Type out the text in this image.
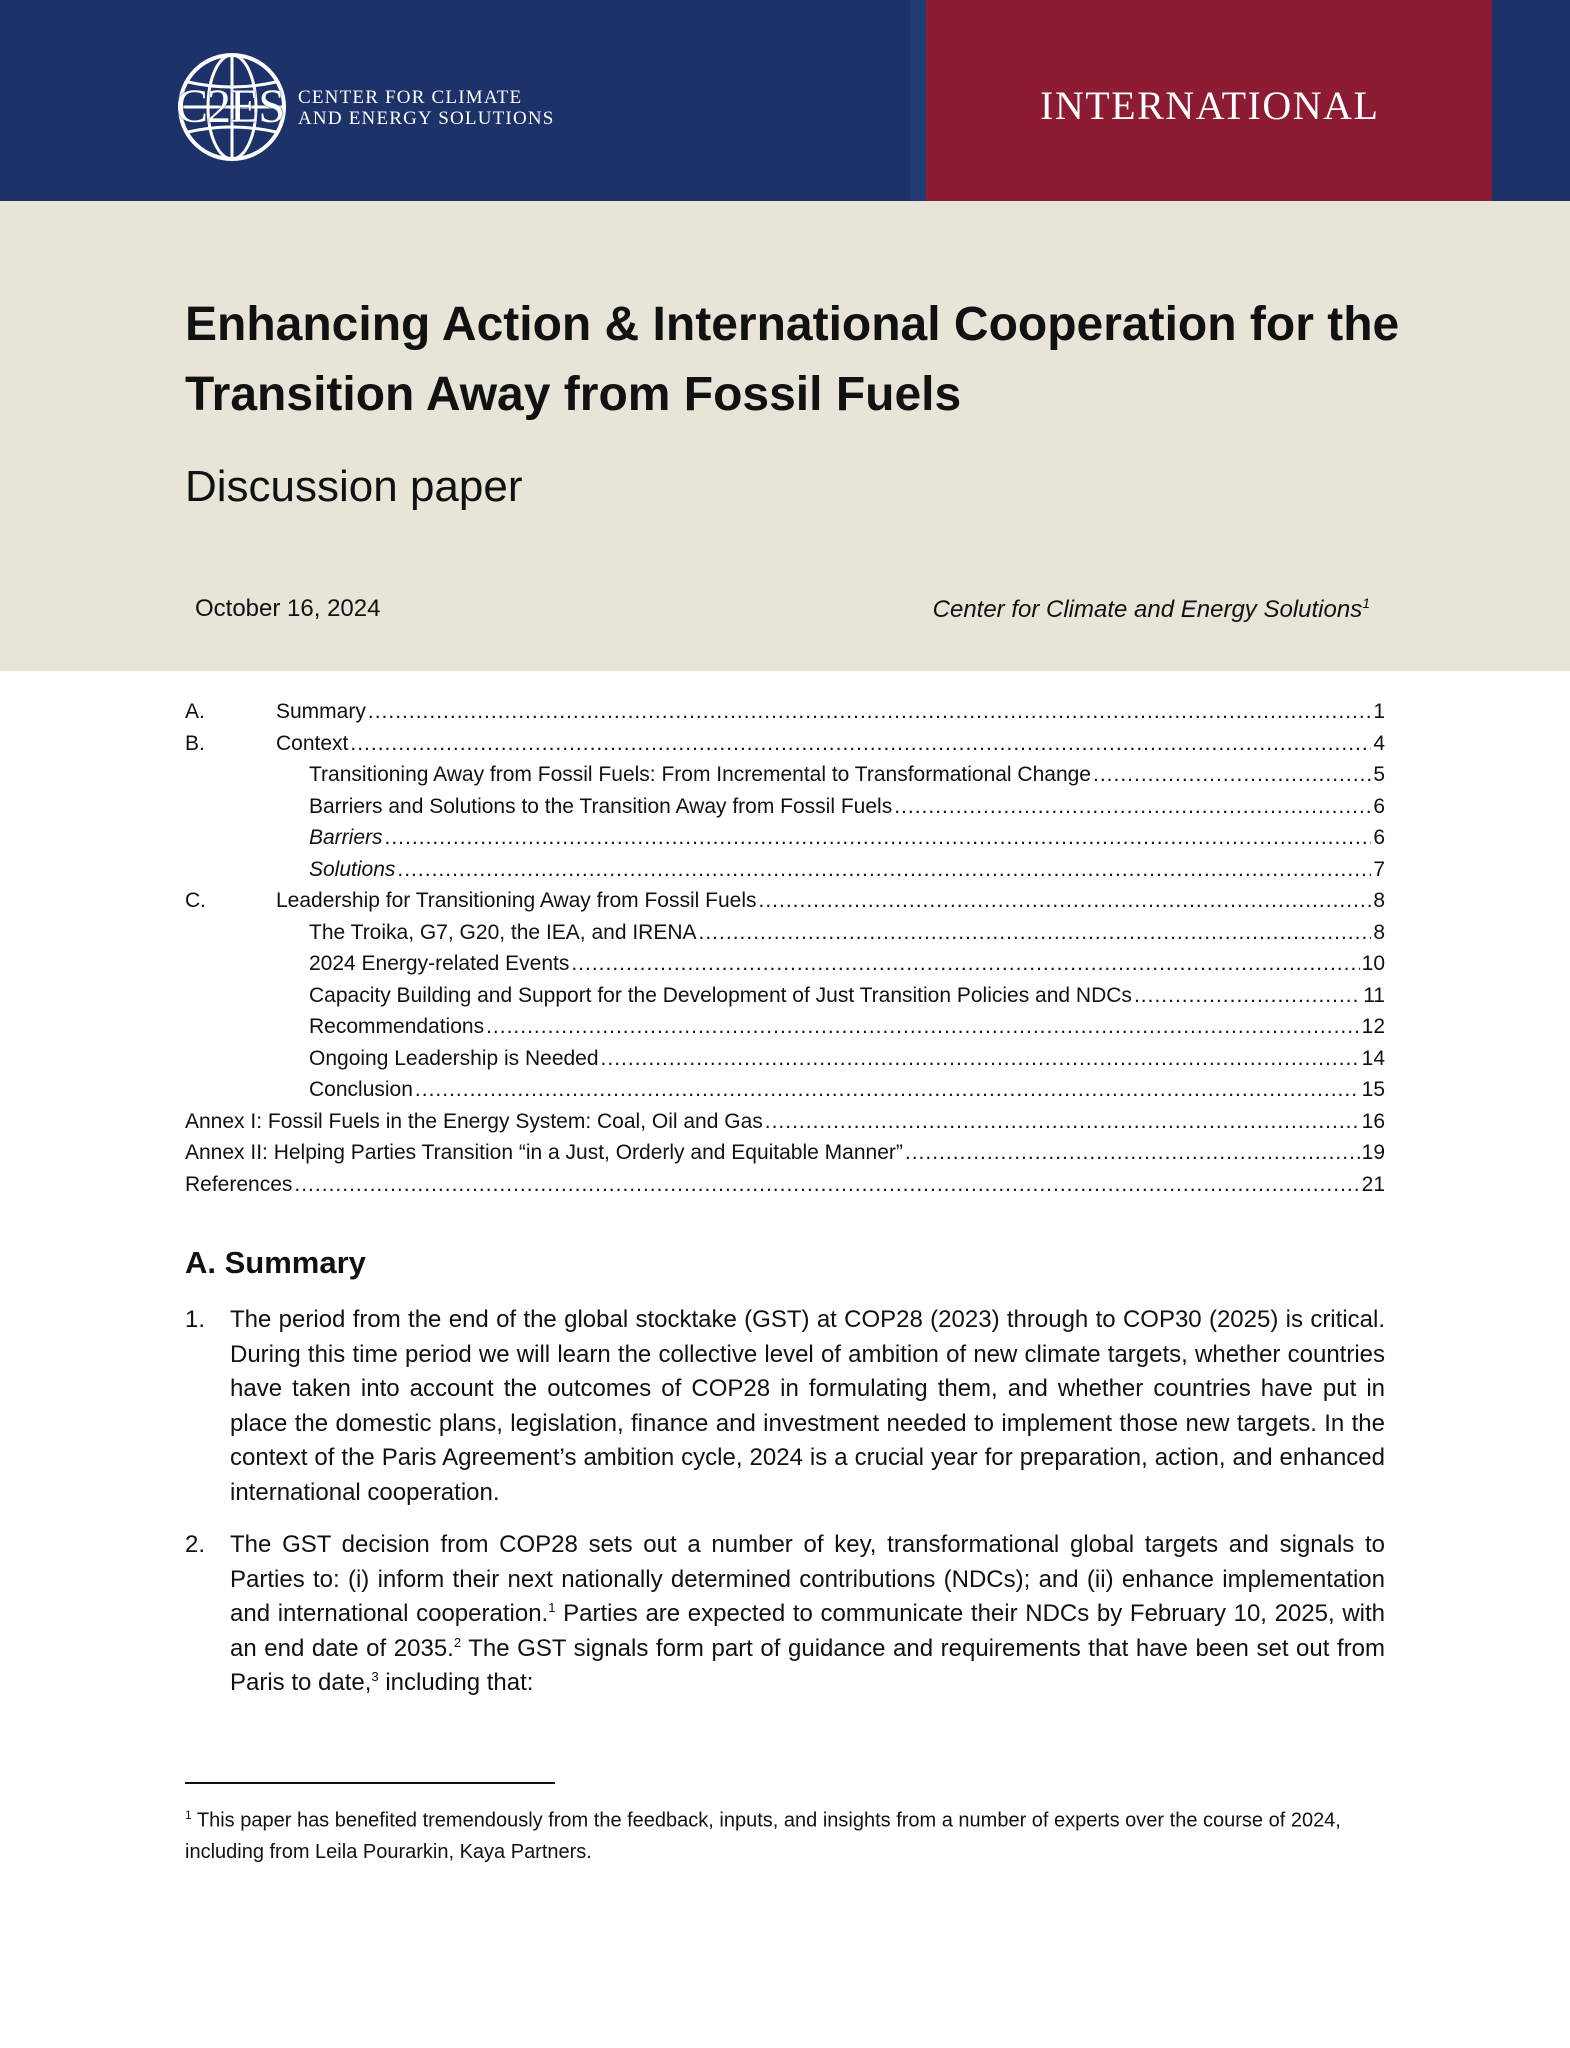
C2ES CENTER FOR CLIMATE
AND ENERGY SOLUTIONS	INTERNATIONAL
Enhancing Action & International Cooperation for the Transition Away from Fossil Fuels
Discussion paper
October 16, 2024	Center for Climate and Energy Solutions$^1$
A.	Summary .....	1
B.	Context .....	4
Transitioning Away from Fossil Fuels: From Incremental to Transformational Change .....	5
Barriers and Solutions to the Transition Away from Fossil Fuels .....	6
Barriers .....	6
Solutions .....	7
C.	Leadership for Transitioning Away from Fossil Fuels .....	8
The Troika, G7, G20, the IEA, and IRENA .....	8
2024 Energy-related Events .....	10
Capacity Building and Support for the Development of Just Transition Policies and NDCs .....	11
Recommendations .....	12
Ongoing Leadership is Needed .....	14
Conclusion .....	15
Annex I: Fossil Fuels in the Energy System: Coal, Oil and Gas .....	16
Annex II: Helping Parties Transition “in a Just, Orderly and Equitable Manner” .....	19
References .....	21
A. Summary
1. The period from the end of the global stocktake (GST) at COP28 (2023) through to COP30 (2025) is critical. During this time period we will learn the collective level of ambition of new climate targets, whether countries have taken into account the outcomes of COP28 in formulating them, and whether countries have put in place the domestic plans, legislation, finance and investment needed to implement those new targets. In the context of the Paris Agreement’s ambition cycle, 2024 is a crucial year for preparation, action, and enhanced international cooperation.
2. The GST decision from COP28 sets out a number of key, transformational global targets and signals to Parties to: (i) inform their next nationally determined contributions (NDCs); and (ii) enhance implementation and international cooperation.$^1$ Parties are expected to communicate their NDCs by February 10, 2025, with an end date of 2035.$^2$ The GST signals form part of guidance and requirements that have been set out from Paris to date,$^3$ including that:
$^1$ This paper has benefited tremendously from the feedback, inputs, and insights from a number of experts over the course of 2024, including from Leila Pourarkin, Kaya Partners.
